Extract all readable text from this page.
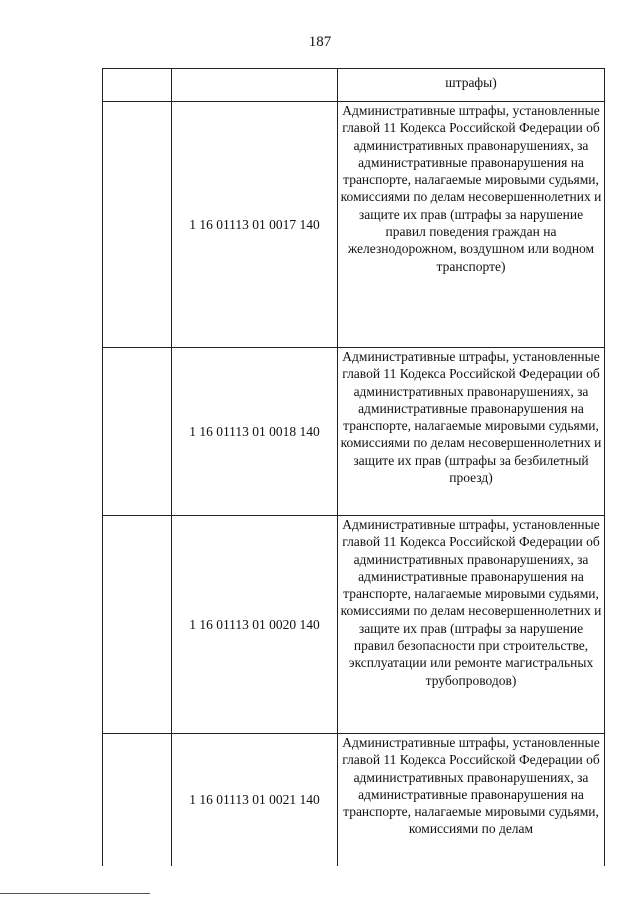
187
		штрафы)
	1 16 01113 01 0017 140	Административные штрафы, установленные главой 11 Кодекса Российской Федерации об административных правонарушениях, за административные правонарушения на транспорте, налагаемые мировыми судьями, комиссиями по делам несовершеннолетних и защите их прав (штрафы за нарушение правил поведения граждан на железнодорожном, воздушном или водном транспорте)
	1 16 01113 01 0018 140	Административные штрафы, установленные главой 11 Кодекса Российской Федерации об административных правонарушениях, за административные правонарушения на транспорте, налагаемые мировыми судьями, комиссиями по делам несовершеннолетних и защите их прав (штрафы за безбилетный проезд)
	1 16 01113 01 0020 140	Административные штрафы, установленные главой 11 Кодекса Российской Федерации об административных правонарушениях, за административные правонарушения на транспорте, налагаемые мировыми судьями, комиссиями по делам несовершеннолетних и защите их прав (штрафы за нарушение правил безопасности при строительстве, эксплуатации или ремонте магистральных трубопроводов)
	1 16 01113 01 0021 140	Административные штрафы, установленные главой 11 Кодекса Российской Федерации об административных правонарушениях, за административные правонарушения на транспорте, налагаемые мировыми судьями, комиссиями по делам
